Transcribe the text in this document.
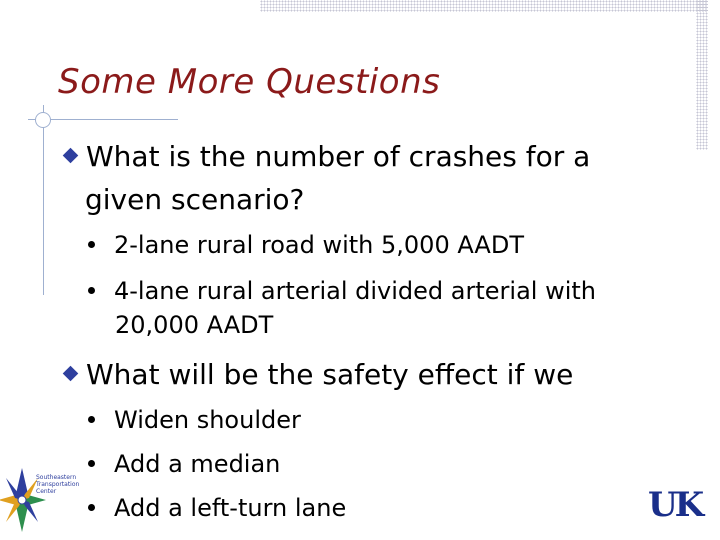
Some More Questions
What is the number of crashes for a
given scenario?
2-lane rural road with 5,000 AADT
4-lane rural arterial divided arterial with
20,000 AADT
What will be the safety effect if we
Widen shoulder
Add a median
Add a left-turn lane
Southeastern Transportation Center	UK
